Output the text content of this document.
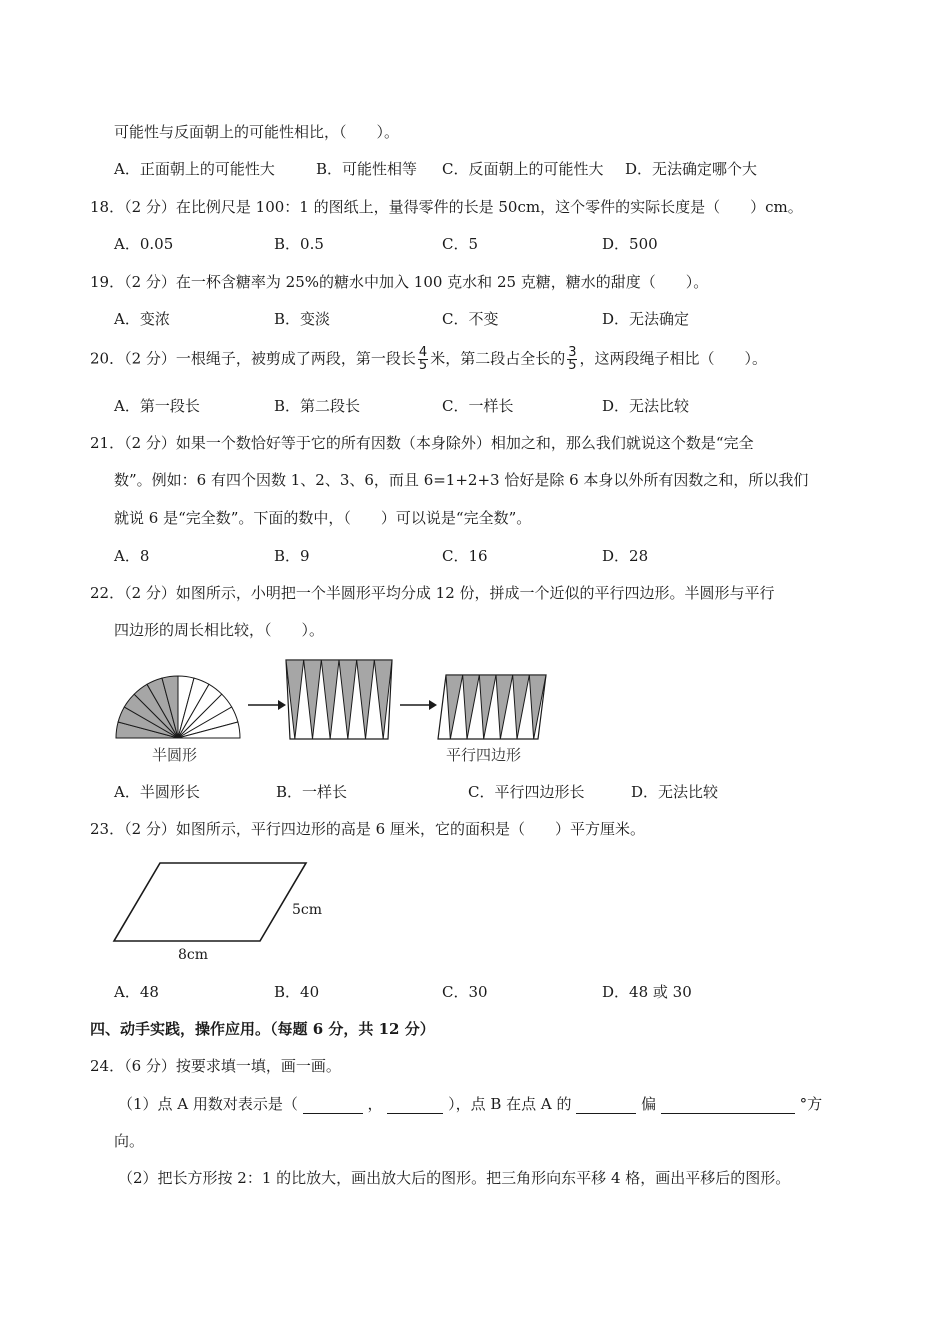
可能性与反面朝上的可能性相比，（　　）。
A．正面朝上的可能性大	B．可能性相等 C．反面朝上的可能性大 D．无法确定哪个大
18．（2 分）在比例尺是 100：1 的图纸上，量得零件的长是 50cm，这个零件的实际长度是（　　）cm。
A．0.05	B．0.5	C．5	D．500
19．（2 分）在一杯含糖率为 25%的糖水中加入 100 克水和 25 克糖，糖水的甜度（　　）。
A．变浓	B．变淡	C．不变	D．无法确定
20．（2 分）一根绳子，被剪成了两段，第一段长 $\frac{4}{5}$ 米，第二段占全长的 $\frac{3}{5}$ ，这两段绳子相比（　　）。
A．第一段长	B．第二段长	C．一样长	D．无法比较
21．（2 分）如果一个数恰好等于它的所有因数（本身除外）相加之和，那么我们就说这个数是“完全
数”。例如：6 有四个因数 1、2、3、6，而且 6=1+2+3 恰好是除 6 本身以外所有因数之和，所以我们
就说 6 是“完全数”。下面的数中，（　　）可以说是“完全数”。
A．8	B．9	C．16	D．28
22．（2 分）如图所示，小明把一个半圆形平均分成 12 份，拼成一个近似的平行四边形。半圆形与平行
四边形的周长相比较，（　　）。
半圆形	平行四边形
A．半圆形长	B．一样长	C．平行四边形长	D．无法比较
23．（2 分）如图所示，平行四边形的高是 6 厘米，它的面积是（　　）平方厘米。
5cm
8cm
A．48	B．40	C．30	D．48 或 30
四、动手实践，操作应用。（每题 6 分，共 12 分）
24．（6 分）按要求填一填，画一画。
（1）点 A 用数对表示是（	，	），点 B 在点 A 的	偏	°方
向。
（2）把长方形按 2：1 的比放大，画出放大后的图形。把三角形向东平移 4 格，画出平移后的图形。
